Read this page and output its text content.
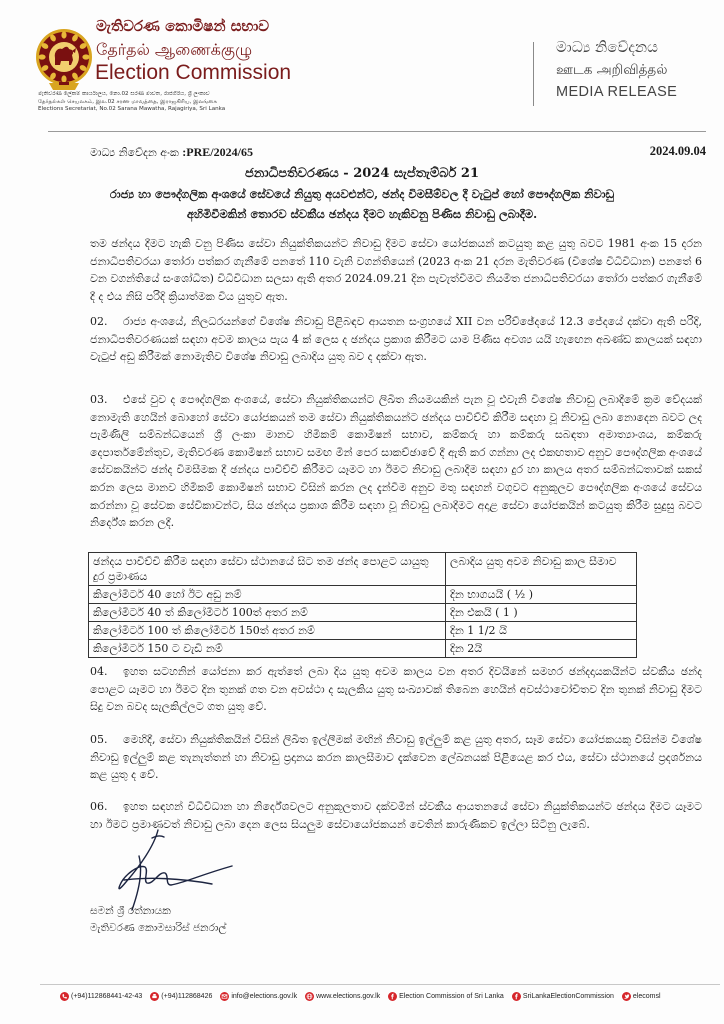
මැතිවරණ කොමිෂන් සභාව
தேர்தல் ஆணைக்குழு
Election Commission
මැතිවරණ ලේකම් කාර්යාලය, නො.02 සරණ මාවත, රාජගිරිය, ශ්‍රී ලංකාව
தேர்தல்கள் செயலகம், இல.02 சரண மாவத்தை, இராஜகிரிய, இலங்கை
Elections Secretariat, No.02 Sarana Mawatha, Rajagiriya, Sri Lanka
මාධ්‍ය නිවේදනය
ஊடக அறிவித்தல்
MEDIA RELEASE
මාධ්‍ය නිවේදන අංක :PRE/2024/65	2024.09.04
ජනාධිපතිවරණය - 2024 සැප්තැම්බර් 21
රාජ්‍ය හා පෞද්ගලික අංශයේ සේවයේ නියුතු අයවළුන්ට, ඡන්ද විමසීම්වල දී වැටුප් හෝ පෞද්ගලික නිවාඩු අහිමිවීමකින් තොරව ස්වකීය ඡන්දය දීමට හැකිවනු පිණිස නිවාඩු ලබාදීම.
තම ඡන්දය දීමට හැකි වනු පිණිස සේවා නියුක්තිකයන්ට නිවාඩු දීමට සේවා යෝජකයන් කටයුතු කළ යුතු බවට 1981 අංක 15 දරන ජනාධිපතිවරයා තෝරා පත්කර ගැනීමේ පනතේ 110 වැනි වගන්තියෙන් (2023 අංක 21 දරන මැතිවරණ (විශේෂ විධිවිධාන) පනතේ 6 වන වගන්තියේ සංශෝධිත) විධිවිධාන සලසා ඇති අතර 2024.09.21 දින පැවැත්වීමට නියමිත ජනාධිපතිවරයා තෝරා පත්කර ගැනීමේ දී ද එය නිසි පරිදි ක්‍රියාත්මක විය යුතුව ඇත.
02. රාජ්‍ය අංශයේ, නිලධරයන්ගේ විශේෂ නිවාඩු පිළිබඳව ආයතන සංග්‍රහයේ XII වන පරිච්ඡේදයේ 12.3 ජේදයේ දක්වා ඇති පරිදි, ජනාධිපතිවරණයක් සඳහා අවම කාලය පැය 4 ක් ලෙස ද ඡන්දය ප්‍රකාශ කිරීමට යාම පිණිස අවශ්‍ය යයි හැඟෙන අඛණ්ඩ කාලයක් සඳහා වැටුප් අඩු කිරීමක් නොමැතිව විශේෂ නිවාඩු ලබාදිය යුතු බව ද දක්වා ඇත.
03. එසේ වුව ද පෞද්ගලික අංශයේ, සේවා නියුක්තිකයන්ට ලිඛිත නියමයකින් පැන වූ එවැනි විශේෂ නිවාඩු ලබාදීමේ ක්‍රම වේදයක් නොමැති හෙයින් බොහෝ සේවා යෝජකයන් තම සේවා නියුක්තිකයන්ට ඡන්දය පාවිච්චි කිරීම සඳහා වූ නිවාඩු ලබා නොදෙන බවට ලද පැමිණිලි සම්බන්ධයෙන් ශ්‍රී ලංකා මානව හිමිකම් කොමිෂන් සභාව, කම්කරු හා කම්කරු සබඳතා අමාත්‍යාංශය, කම්කරු දෙපාර්තමේන්තුව, මැතිවරණ කොමිෂන් සභාව සමඟ මින් පෙර සාකච්ඡාවේ දී ඇති කර ගන්නා ලද එකඟතාව අනුව පෞද්ගලික අංශයේ සේවකයින්ට ඡන්ද විමසීමක දී ඡන්දය පාවිච්චි කිරීමට යෑමට හා ඊමට නිවාඩු ලබාදීම සඳහා දුර හා කාලය අතර සම්බන්ධතාවක් සකස් කරන ලෙස මානව හිමිකම් කොමිෂන් සභාව විසින් කරන ලද දැන්වීම අනුව මතු සඳහන් වගුවට අනුකූලව පෞද්ගලික අංශයේ සේවය කරන්නා වූ සේවක සේවිකාවන්ට, සිය ඡන්දය ප්‍රකාශ කිරීම සඳහා වූ නිවාඩු ලබාදීමට අදාළ සේවා යෝජකයින් කටයුතු කිරීම සුදුසු බවට නිර්දේශ කරන ලදී.
ඡන්දය පාවිච්චි කිරීම සඳහා සේවා ස්ථානයේ සිට තම ඡන්ද පොළට යායුතු දුර ප්‍රමාණය	ලබාදිය යුතු අවම නිවාඩු කාල සීමාව
කිලෝමීටර් 40 හෝ ඊට අඩු නම්	දින භාගයයි ( ½ )
කිලෝමීටර් 40 ත් කිලෝමීටර් 100ත් අතර නම්	දින එකයි ( 1 )
කිලෝමීටර් 100 ත් කිලෝමීටර් 150ත් අතර නම්	දින 1 1/2 යි
කිලෝමීටර් 150 ට වැඩි නම්	දින 2යි
04. ඉහත සටහනින් යෝජනා කර ඇත්තේ ලබා දිය යුතු අවම කාලය වන අතර දිවයිනේ සමහර ඡන්දදායකයින්ට ස්වකීය ඡන්ද පොළට යෑමට හා ඊමට දින තුනක් ගත වන අවස්ථා ද සැලකිය යුතු සංඛ්‍යාවක් තිබෙන හෙයින් අවස්ථාවෝචිතව දින තුනක් නිවාඩු දීමට සිදු වන බවද සැලකිල්ලට ගත යුතු වේ.
05. මෙහිදී, සේවා නියුක්තිකයින් විසින් ලිඛිත ඉල්ලීමක් මඟින් නිවාඩු ඉල්ලුම් කළ යුතු අතර, සෑම සේවා යෝජකයකු විසින්ම විශේෂ නිවාඩු ඉල්ලුම් කළ තැනැත්තන් හා නිවාඩු ප්‍රදානය කරන කාලසීමාව දැක්වෙන ලේඛනයක් පිළියෙළ කර එය, සේවා ස්ථානයේ ප්‍රදර්ශනය කළ යුතු ද වේ.
06. ඉහත සඳහන් විධිවිධාන හා නිර්දේශවලට අනුකූලතාව දක්වමින් ස්වකීය ආයතනයේ සේවා නියුක්තිකයන්ට ඡන්දය දීමට යෑමට හා ඊමට ප්‍රමාණවත් නිවාඩු ලබා දෙන ලෙස සියලුම සේවායෝජකයන් වෙතින් කාරුණිකව ඉල්ලා සිටිනු ලැබේ.
සමන් ශ්‍රී රත්නායක
මැතිවරණ කොමසාරිස් ජනරාල්
(+94)112868441-42-43	(+94)112868426	info@elections.gov.lk	www.elections.gov.lk	Election Commission of Sri Lanka	SriLankaElectionCommission	elecomsl
